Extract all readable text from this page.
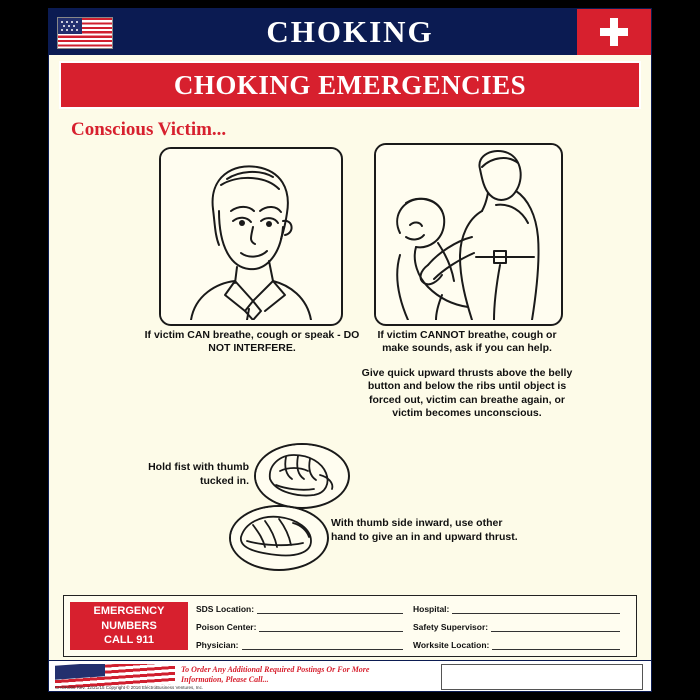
CHOKING
CHOKING EMERGENCIES
Conscious Victim...
If victim CAN breathe, cough or speak - DO NOT INTERFERE.
If victim CANNOT breathe, cough or make sounds, ask if you can help.
Give quick upward thrusts above the belly button and below the ribs until object is forced out, victim can breathe again, or victim becomes unconscious.
Hold fist with thumb tucked in.
With thumb side inward, use other hand to give an in and upward thrust.
EMERGENCY
NUMBERS
CALL 911
SDS Location:
Poison Center:
Physician:
Hospital:
Safety Supervisor:
Worksite Location:
To Order Any Additional Required Postings Or For More Information, Please Call...
CHOK000 Rev. 12/21/15 Copyright © 2016 ElectroBusiness Ventures, Inc.
